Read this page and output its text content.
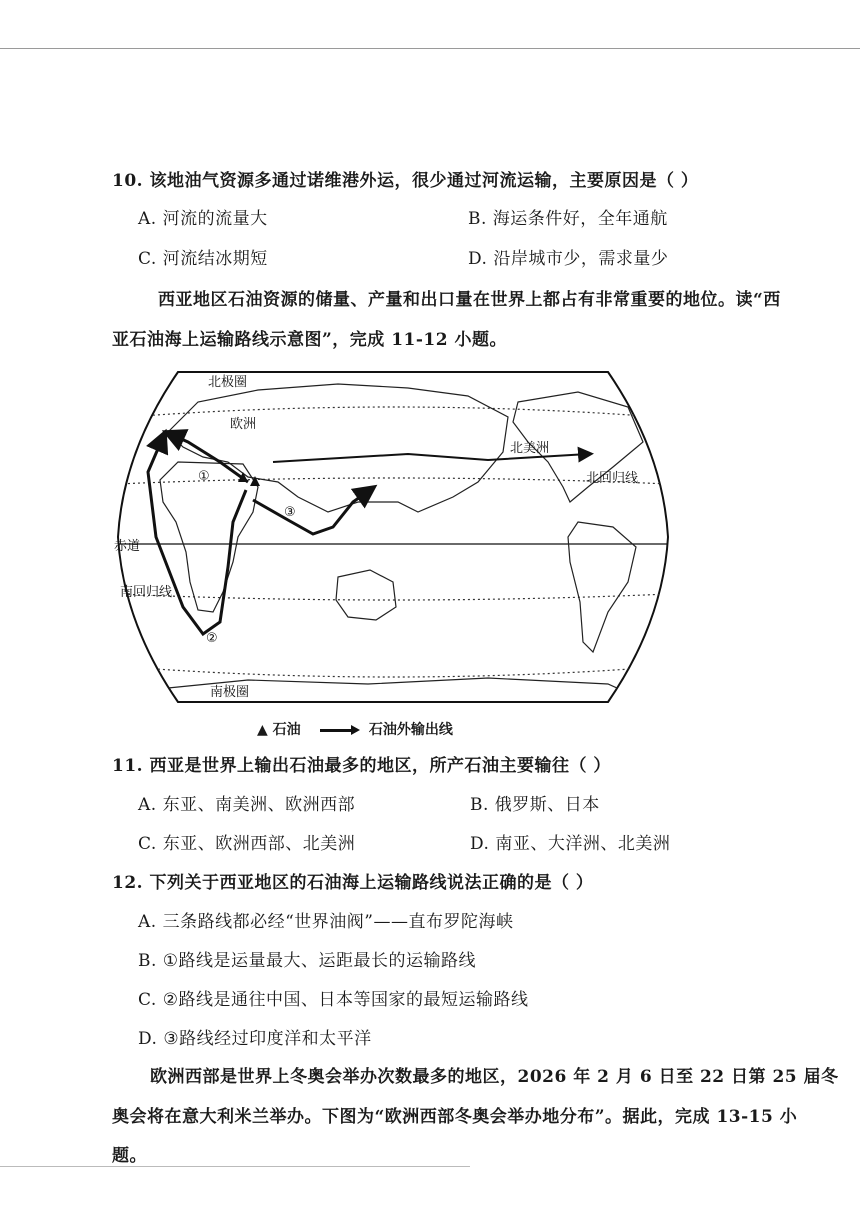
10. 该地油气资源多通过诺维港外运，很少通过河流运输，主要原因是（ ）
A. 河流的流量大	B. 海运条件好，全年通航
C. 河流结冰期短	D. 沿岸城市少，需求量少
西亚地区石油资源的储量、产量和出口量在世界上都占有非常重要的地位。读“西
亚石油海上运输路线示意图”，完成 11-12 小题。
北极圈
欧洲
北美洲
北回归线
赤道
南回归线
南极圈
①
②
③
▲ 石油	石油外输出线
11. 西亚是世界上输出石油最多的地区，所产石油主要输往（ ）
A. 东亚、南美洲、欧洲西部	B. 俄罗斯、日本
C. 东亚、欧洲西部、北美洲	D. 南亚、大洋洲、北美洲
12. 下列关于西亚地区的石油海上运输路线说法正确的是（ ）
A. 三条路线都必经“世界油阀”——直布罗陀海峡
B. ①路线是运量最大、运距最长的运输路线
C. ②路线是通往中国、日本等国家的最短运输路线
D. ③路线经过印度洋和太平洋
欧洲西部是世界上冬奥会举办次数最多的地区，2026 年 2 月 6 日至 22 日第 25 届冬
奥会将在意大利米兰举办。下图为“欧洲西部冬奥会举办地分布”。据此，完成 13-15 小
题。
